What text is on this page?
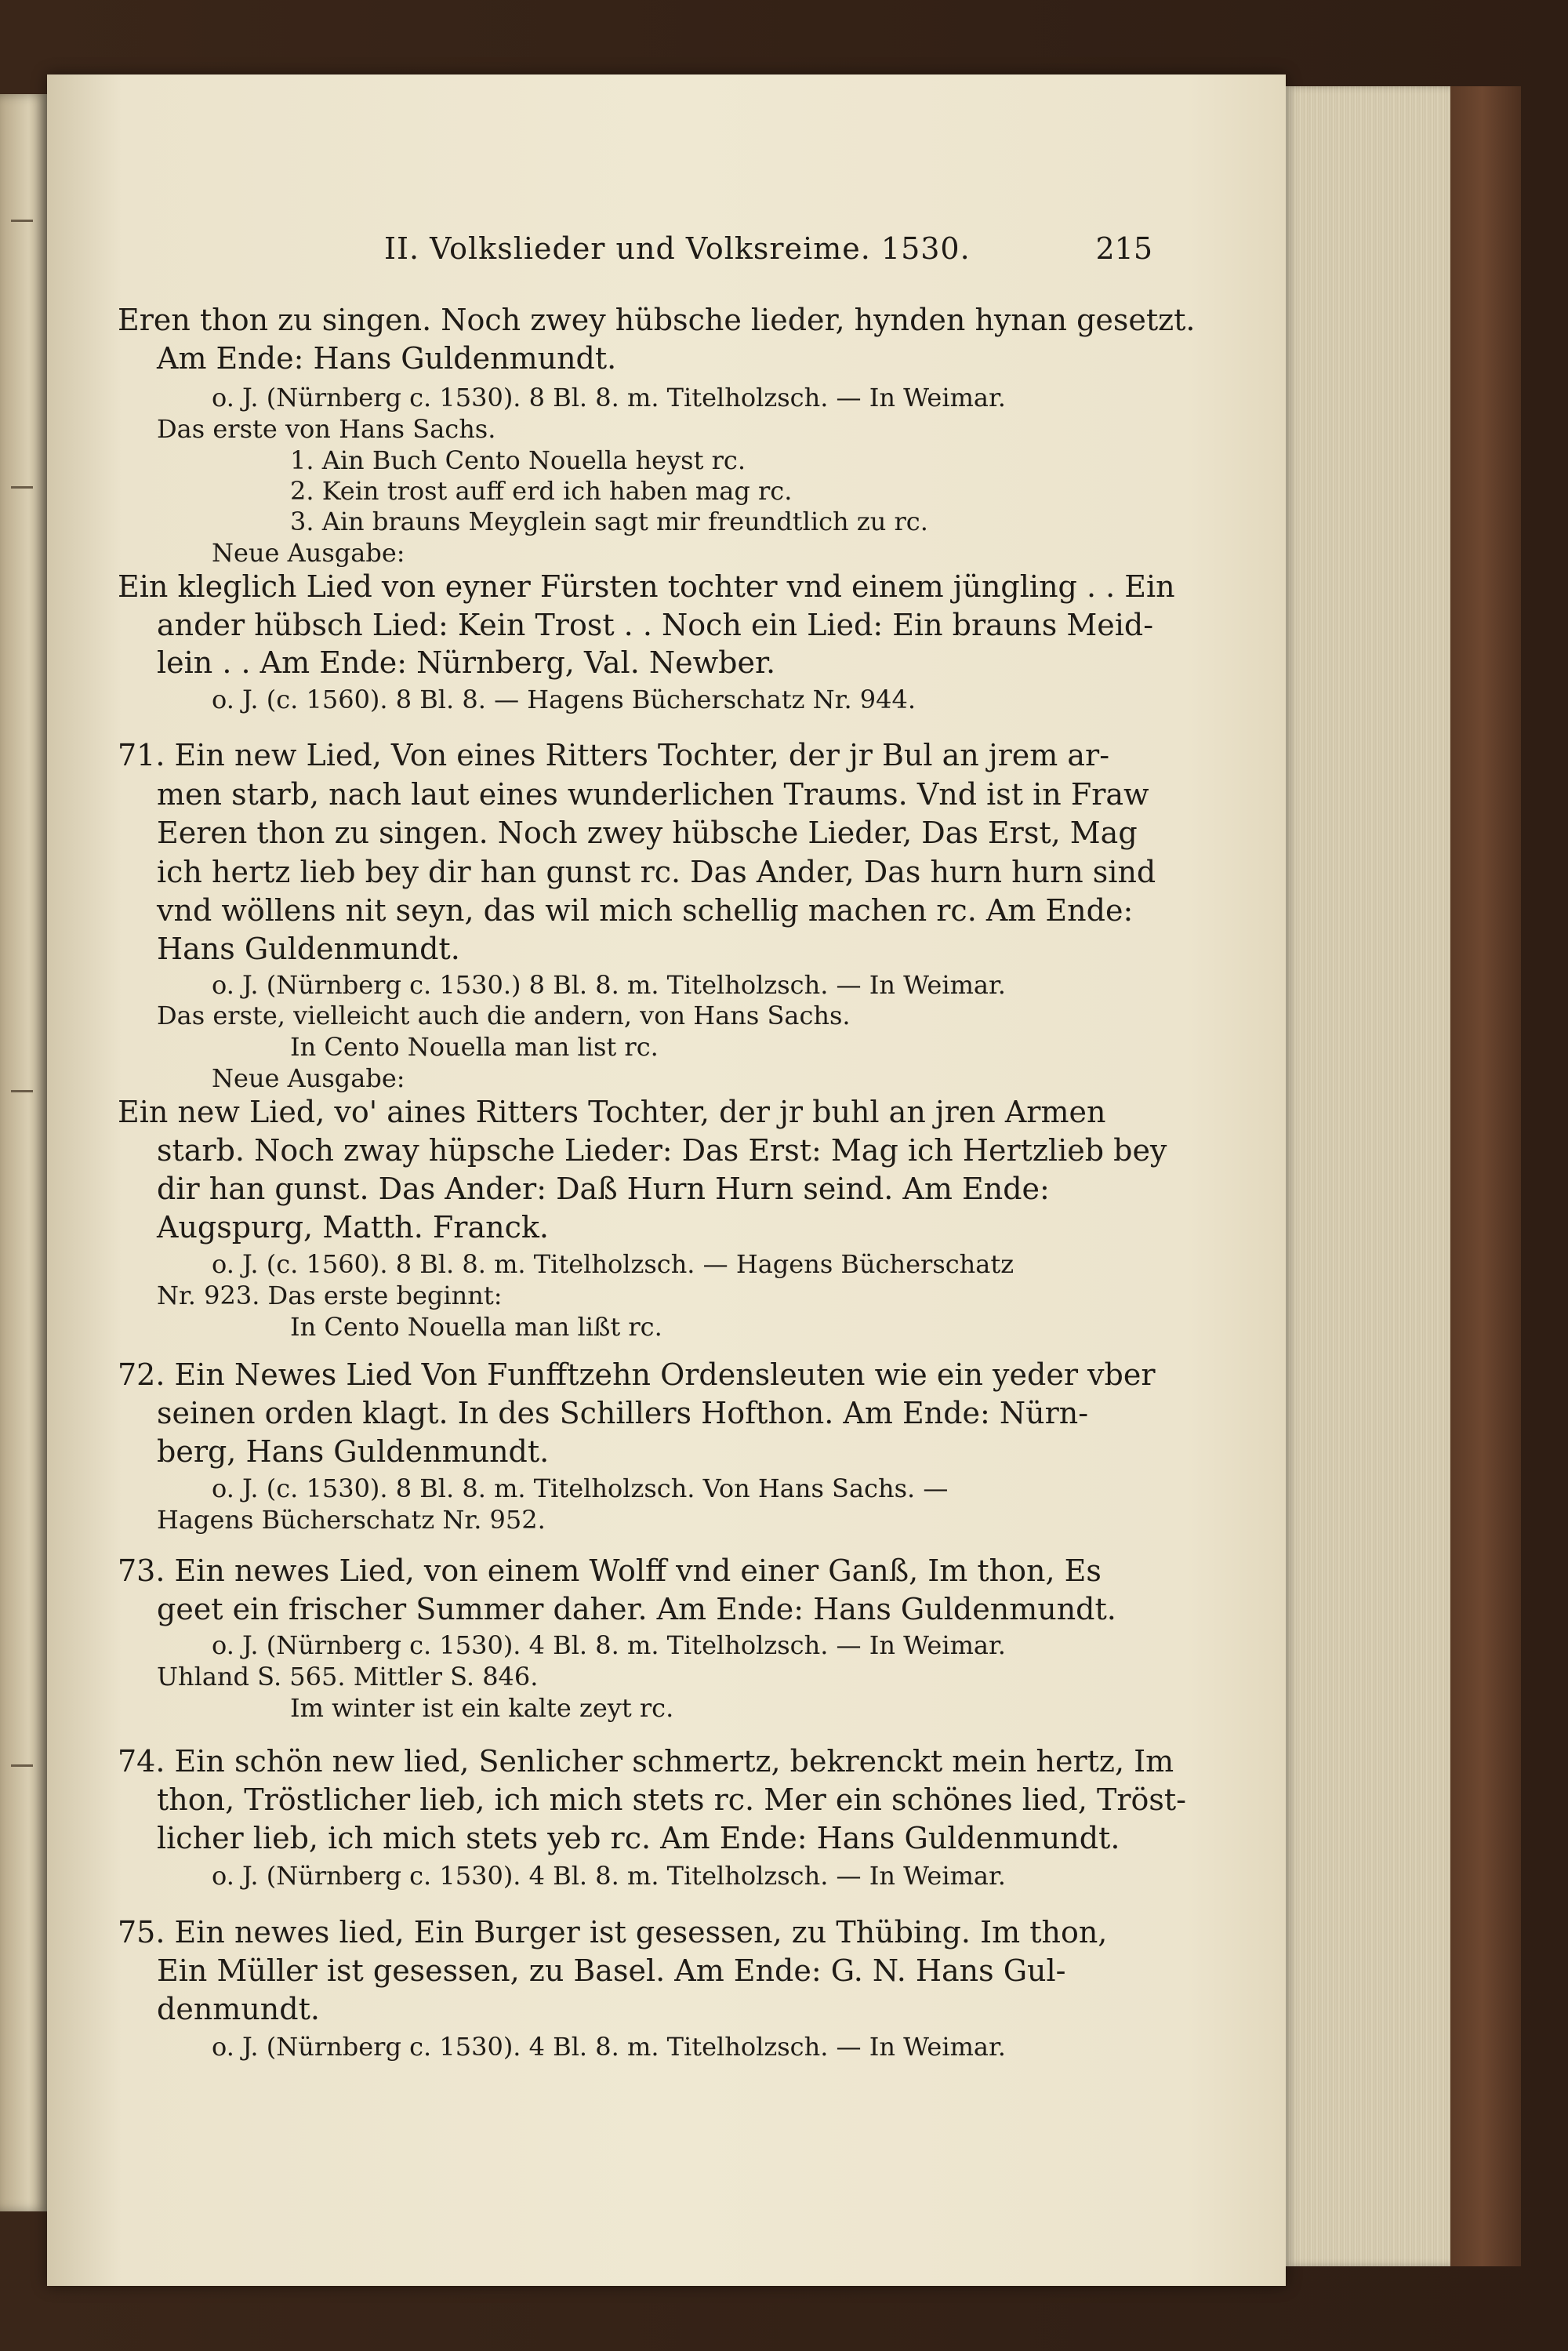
II. Volkslieder und Volksreime. 1530.	215
Eren thon zu singen. Noch zwey hübsche lieder, hynden hynan gesetzt.
Am Ende: Hans Guldenmundt.
o. J. (Nürnberg c. 1530). 8 Bl. 8. m. Titelholzsch. — In Weimar.
Das erste von Hans Sachs.
1. Ain Buch Cento Nouella heyst rc.
2. Kein trost auff erd ich haben mag rc.
3. Ain brauns Meyglein sagt mir freundtlich zu rc.
Neue Ausgabe:
Ein kleglich Lied von eyner Fürsten tochter vnd einem jüngling . . Ein
ander hübsch Lied: Kein Trost . . Noch ein Lied: Ein brauns Meid-
lein . . Am Ende: Nürnberg, Val. Newber.
o. J. (c. 1560). 8 Bl. 8. — Hagens Bücherschatz Nr. 944.
71. Ein new Lied, Von eines Ritters Tochter, der jr Bul an jrem ar-
men starb, nach laut eines wunderlichen Traums. Vnd ist in Fraw
Eeren thon zu singen. Noch zwey hübsche Lieder, Das Erst, Mag
ich hertz lieb bey dir han gunst rc. Das Ander, Das hurn hurn sind
vnd wöllens nit seyn, das wil mich schellig machen rc. Am Ende:
Hans Guldenmundt.
o. J. (Nürnberg c. 1530.) 8 Bl. 8. m. Titelholzsch. — In Weimar.
Das erste, vielleicht auch die andern, von Hans Sachs.
In Cento Nouella man list rc.
Neue Ausgabe:
Ein new Lied, vo' aines Ritters Tochter, der jr buhl an jren Armen
starb. Noch zway hüpsche Lieder: Das Erst: Mag ich Hertzlieb bey
dir han gunst. Das Ander: Daß Hurn Hurn seind. Am Ende:
Augspurg, Matth. Franck.
o. J. (c. 1560). 8 Bl. 8. m. Titelholzsch. — Hagens Bücherschatz
Nr. 923. Das erste beginnt:
In Cento Nouella man lißt rc.
72. Ein Newes Lied Von Funfftzehn Ordensleuten wie ein yeder vber
seinen orden klagt. In des Schillers Hofthon. Am Ende: Nürn-
berg, Hans Guldenmundt.
o. J. (c. 1530). 8 Bl. 8. m. Titelholzsch. Von Hans Sachs. —
Hagens Bücherschatz Nr. 952.
73. Ein newes Lied, von einem Wolff vnd einer Ganß, Im thon, Es
geet ein frischer Summer daher. Am Ende: Hans Guldenmundt.
o. J. (Nürnberg c. 1530). 4 Bl. 8. m. Titelholzsch. — In Weimar.
Uhland S. 565. Mittler S. 846.
Im winter ist ein kalte zeyt rc.
74. Ein schön new lied, Senlicher schmertz, bekrenckt mein hertz, Im
thon, Tröstlicher lieb, ich mich stets rc. Mer ein schönes lied, Tröst-
licher lieb, ich mich stets yeb rc. Am Ende: Hans Guldenmundt.
o. J. (Nürnberg c. 1530). 4 Bl. 8. m. Titelholzsch. — In Weimar.
75. Ein newes lied, Ein Burger ist gesessen, zu Thübing. Im thon,
Ein Müller ist gesessen, zu Basel. Am Ende: G. N. Hans Gul-
denmundt.
o. J. (Nürnberg c. 1530). 4 Bl. 8. m. Titelholzsch. — In Weimar.
